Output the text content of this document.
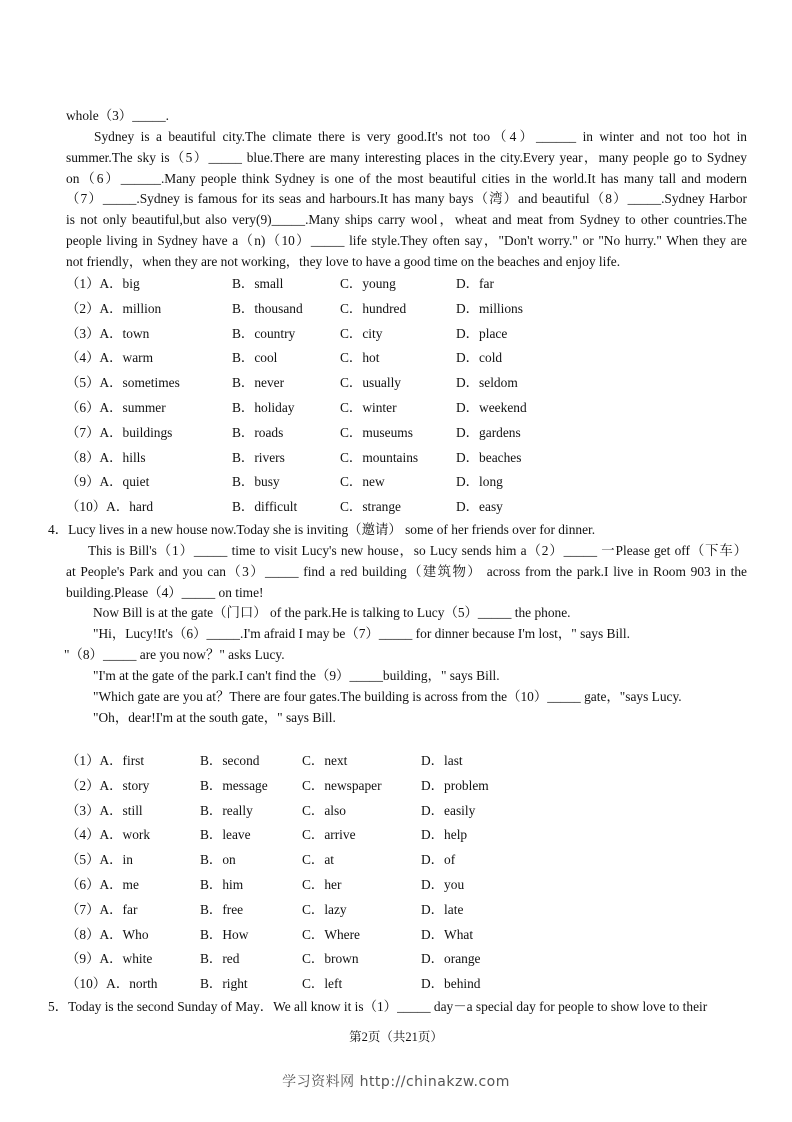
whole（3）_____.
Sydney is a beautiful city.The climate there is very good.It's not too（4）______ in winter and not too hot in
summer.The sky is（5）_____ blue.There are many interesting places in the city.Every year，many people go to Sydney
on（6）______.Many people think Sydney is one of the most beautiful cities in the world.It has many tall and modern
（7）_____.Sydney is famous for its seas and harbours.It has many bays（湾）and beautiful（8）_____.Sydney Harbor
is not only beautiful,but also very(9)_____.Many ships carry wool，wheat and meat from Sydney to other countries.The
people living in Sydney have a（n)（10）_____ life style.They often say，"Don't worry." or "No hurry." When they are
not friendly，when they are not working，they love to have a good time on the beaches and enjoy life.
（1）A．big	B．small	C．young	D．far
（2）A．million	B．thousand	C．hundred	D．millions
（3）A．town	B．country	C．city	D．place
（4）A．warm	B．cool	C．hot	D．cold
（5）A．sometimes	B．never	C．usually	D．seldom
（6）A．summer	B．holiday	C．winter	D．weekend
（7）A．buildings	B．roads	C．museums	D．gardens
（8）A．hills	B．rivers	C．mountains	D．beaches
（9）A．quiet	B．busy	C．new	D．long
（10）A．hard	B．difficult	C．strange	D．easy
4．Lucy lives in a new house now.Today she is inviting（邀请） some of her friends over for dinner.
This is Bill's（1）_____ time to visit Lucy's new house，so Lucy sends him a（2）_____ 一Please get off（下车）
at People's Park and you can（3）_____ find a red building（建筑物） across from the park.I live in Room 903 in the
building.Please（4）_____ on time!
Now Bill is at the gate（门口） of the park.He is talking to Lucy（5）_____ the phone.
"Hi，Lucy!It's（6）_____.I'm afraid I may be（7）_____ for dinner because I'm lost，" says Bill.
"（8）_____ are you now？" asks Lucy.
"I'm at the gate of the park.I can't find the（9）_____building，" says Bill.
"Which gate are you at？There are four gates.The building is across from the（10）_____ gate，"says Lucy.
"Oh，dear!I'm at the south gate，" says Bill.
（1）A．first	B．second	C．next	D．last
（2）A．story	B．message	C．newspaper	D．problem
（3）A．still	B．really	C．also	D．easily
（4）A．work	B．leave	C．arrive	D．help
（5）A．in	B．on	C．at	D．of
（6）A．me	B．him	C．her	D．you
（7）A．far	B．free	C．lazy	D．late
（8）A．Who	B．How	C．Where	D．What
（9）A．white	B．red	C．brown	D．orange
（10）A．north	B．right	C．left	D．behind
5．Today is the second Sunday of May．We all know it is（1）_____ day－a special day for people to show love to their
第2页（共21页）
学习资料网 http://chinakzw.com
